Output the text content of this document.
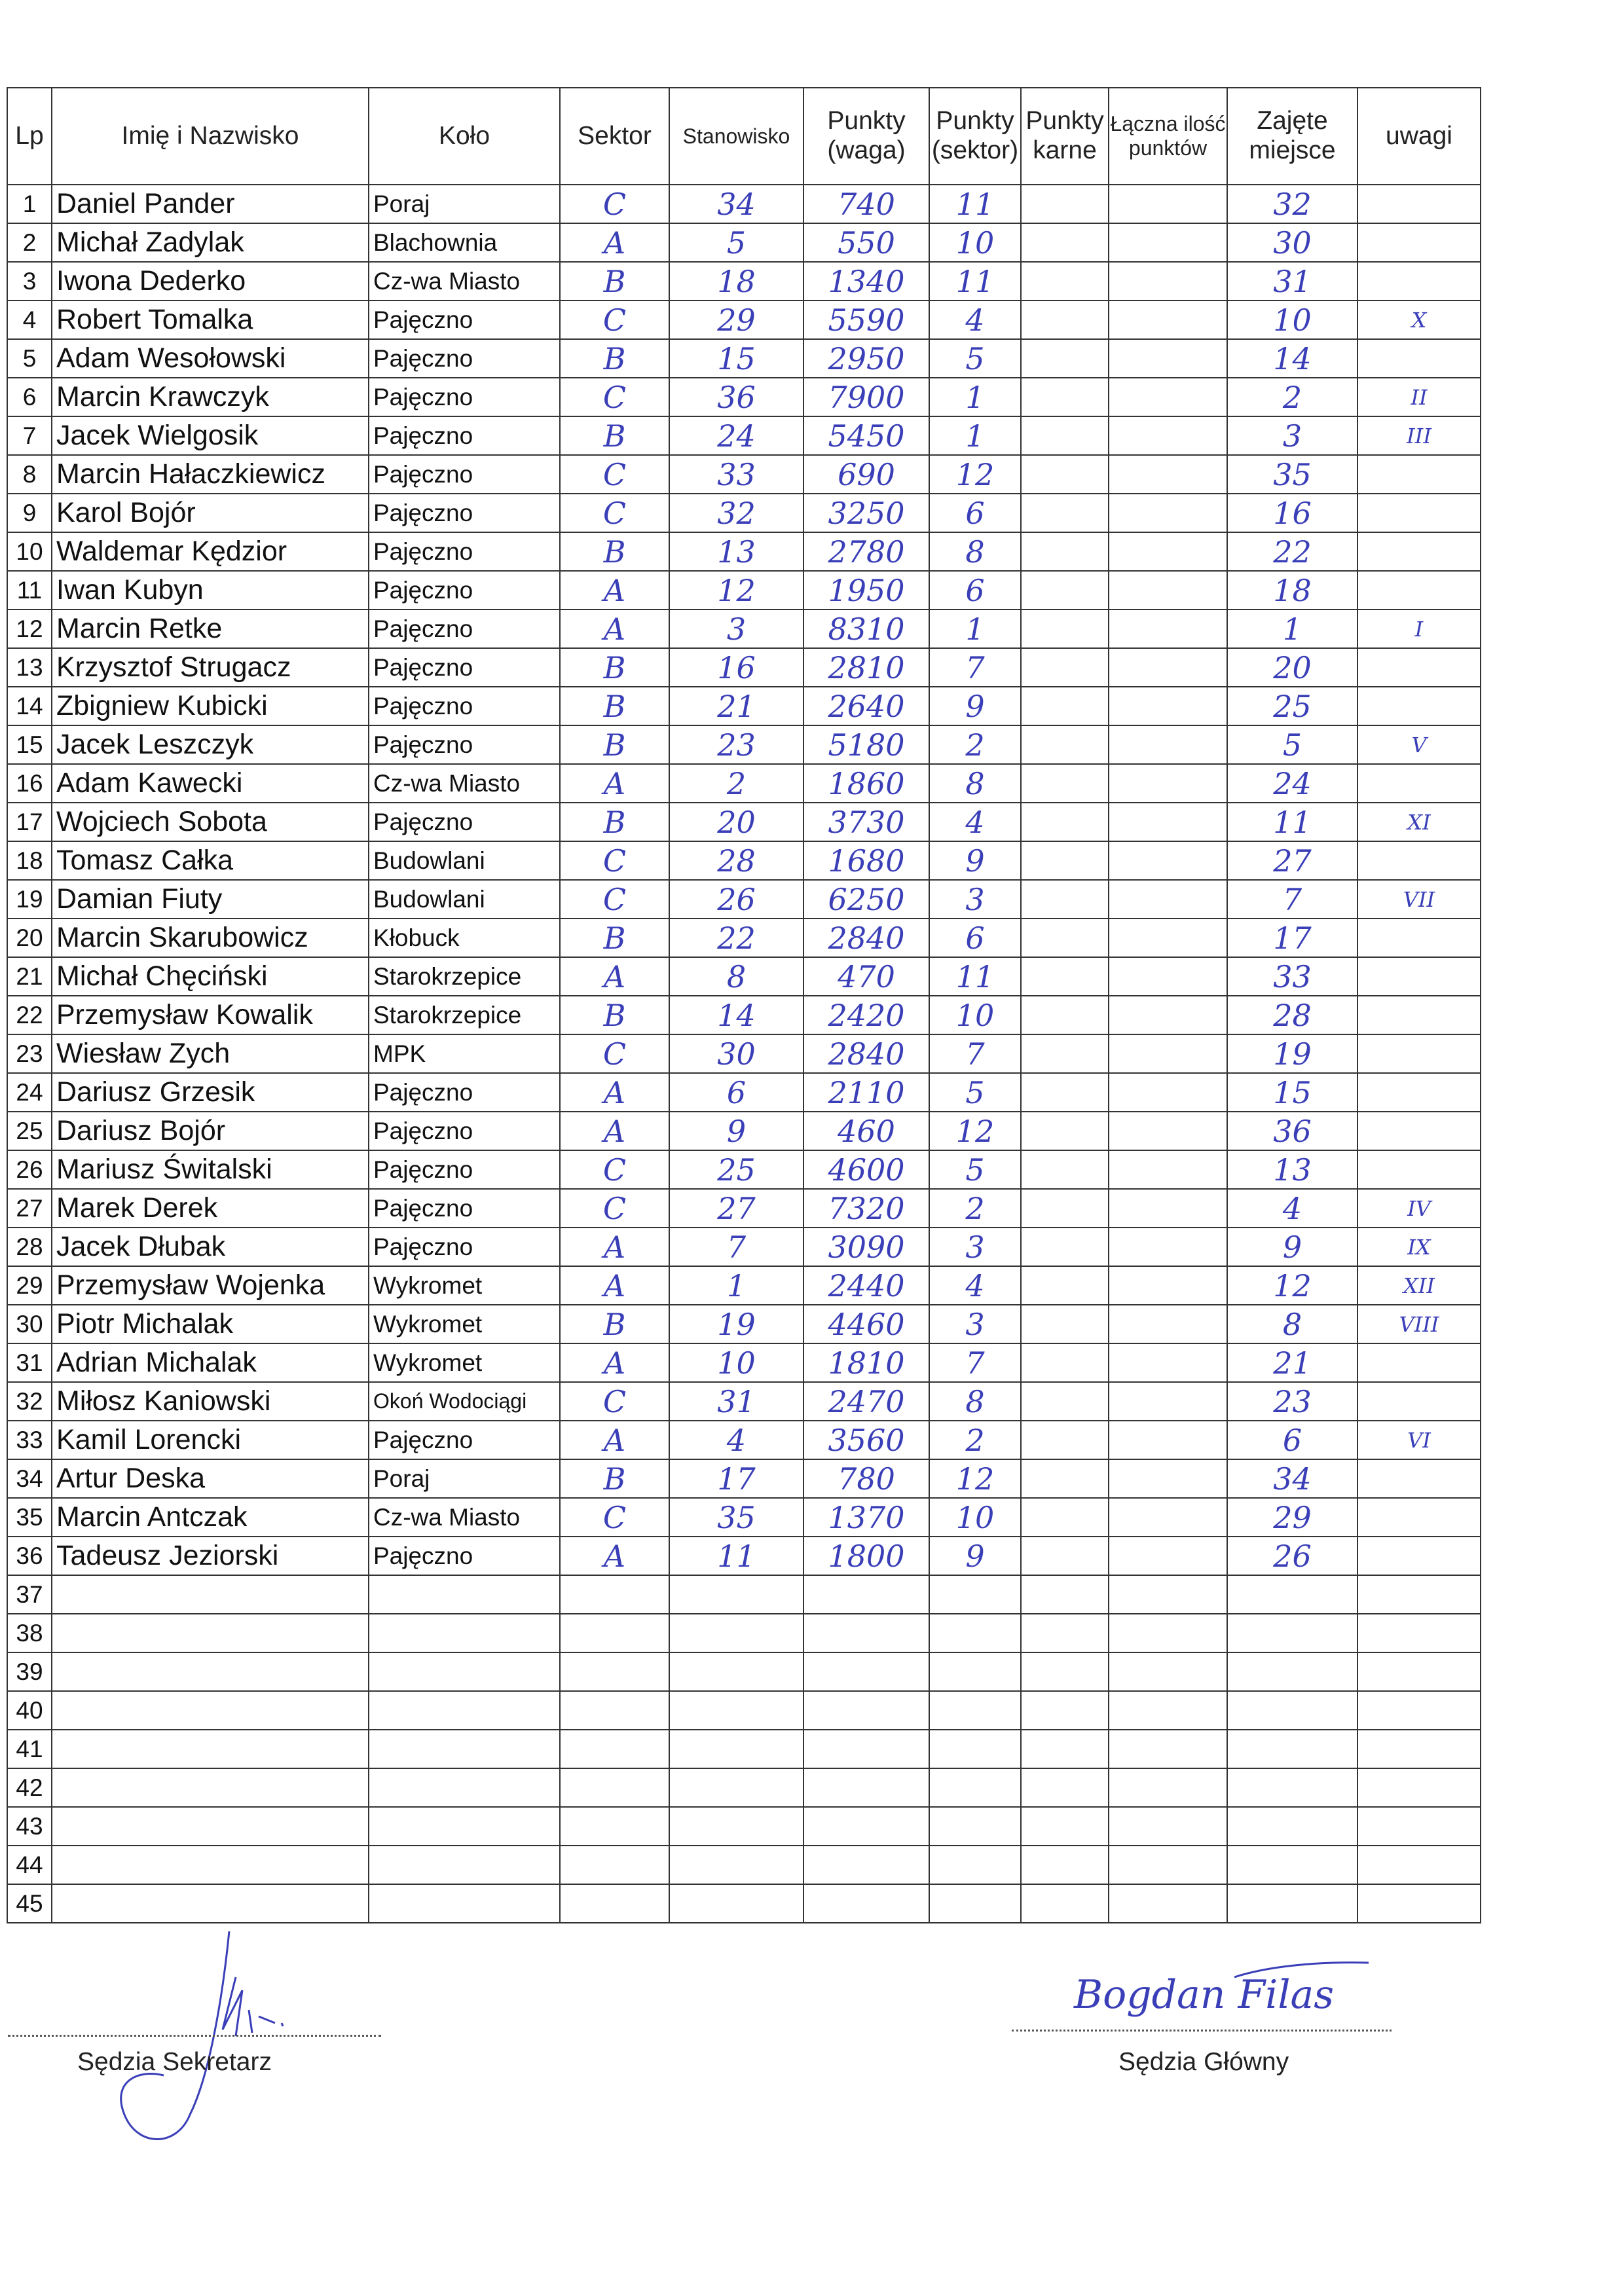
Lp	Imię i Nazwisko	Koło	Sektor	Stanowisko	Punkty (waga)	Punkty (sektor)	Punkty karne	Łączna ilość punktów	Zajęte miejsce	uwagi
1	Daniel Pander	Poraj	C	34	740	11			32	
2	Michał Zadylak	Blachownia	A	5	550	10			30	
3	Iwona Dederko	Cz-wa Miasto	B	18	1340	11			31	
4	Robert Tomalka	Pajęczno	C	29	5590	4			10	X
5	Adam Wesołowski	Pajęczno	B	15	2950	5			14	
6	Marcin Krawczyk	Pajęczno	C	36	7900	1			2	II
7	Jacek Wielgosik	Pajęczno	B	24	5450	1			3	III
8	Marcin Hałaczkiewicz	Pajęczno	C	33	690	12			35	
9	Karol Bojór	Pajęczno	C	32	3250	6			16	
10	Waldemar Kędzior	Pajęczno	B	13	2780	8			22	
11	Iwan Kubyn	Pajęczno	A	12	1950	6			18	
12	Marcin Retke	Pajęczno	A	3	8310	1			1	I
13	Krzysztof Strugacz	Pajęczno	B	16	2810	7			20	
14	Zbigniew Kubicki	Pajęczno	B	21	2640	9			25	
15	Jacek Leszczyk	Pajęczno	B	23	5180	2			5	V
16	Adam Kawecki	Cz-wa Miasto	A	2	1860	8			24	
17	Wojciech Sobota	Pajęczno	B	20	3730	4			11	XI
18	Tomasz Całka	Budowlani	C	28	1680	9			27	
19	Damian Fiuty	Budowlani	C	26	6250	3			7	VII
20	Marcin Skarubowicz	Kłobuck	B	22	2840	6			17	
21	Michał Chęciński	Starokrzepice	A	8	470	11			33	
22	Przemysław Kowalik	Starokrzepice	B	14	2420	10			28	
23	Wiesław Zych	MPK	C	30	2840	7			19	
24	Dariusz Grzesik	Pajęczno	A	6	2110	5			15	
25	Dariusz Bojór	Pajęczno	A	9	460	12			36	
26	Mariusz Świtalski	Pajęczno	C	25	4600	5			13	
27	Marek Derek	Pajęczno	C	27	7320	2			4	IV
28	Jacek Dłubak	Pajęczno	A	7	3090	3			9	IX
29	Przemysław Wojenka	Wykromet	A	1	2440	4			12	XII
30	Piotr Michalak	Wykromet	B	19	4460	3			8	VIII
31	Adrian Michalak	Wykromet	A	10	1810	7			21	
32	Miłosz Kaniowski	Okoń Wodociągi	C	31	2470	8			23	
33	Kamil Lorencki	Pajęczno	A	4	3560	2			6	VI
34	Artur Deska	Poraj	B	17	780	12			34	
35	Marcin Antczak	Cz-wa Miasto	C	35	1370	10			29	
36	Tadeusz Jeziorski	Pajęczno	A	11	1800	9			26	
37										
38										
39										
40										
41										
42										
43										
44										
45										
Sędzia Sekretarz
Bogdan Filas
Sędzia Główny
